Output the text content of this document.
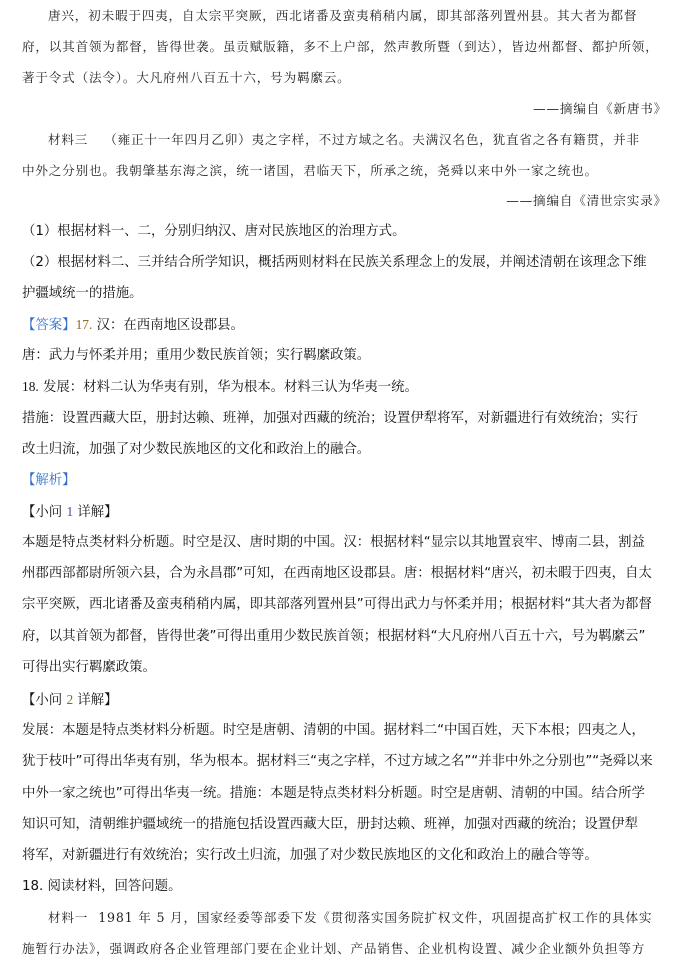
唐兴，初未暇于四夷，自太宗平突厥，西北诸番及蛮夷稍稍内属，即其部落列置州县。其大者为都督
府，以其首领为都督，皆得世袭。虽贡赋版籍，多不上户部，然声教所暨（到达），皆边州都督、都护所领，
著于令式（法令）。大凡府州八百五十六，号为羁縻云。
——摘编自《新唐书》
材料三 （雍正十一年四月乙卯）夷之字样，不过方域之名。夫满汉名色，犹直省之各有籍贯，并非
中外之分别也。我朝肇基东海之滨，统一诸国，君临天下，所承之统，尧舜以来中外一家之统也。
——摘编自《清世宗实录》
（1）根据材料一、二，分别归纳汉、唐对民族地区的治理方式。
（2）根据材料二、三并结合所学知识，概括两则材料在民族关系理念上的发展，并阐述清朝在该理念下维
护疆域统一的措施。
【答案】17. 汉：在西南地区设郡县。
唐：武力与怀柔并用；重用少数民族首领；实行羁縻政策。
18. 发展：材料二认为华夷有别，华为根本。材料三认为华夷一统。
措施：设置西藏大臣，册封达赖、班禅，加强对西藏的统治；设置伊犁将军，对新疆进行有效统治；实行
改土归流，加强了对少数民族地区的文化和政治上的融合。
【解析】
【小问 1 详解】
本题是特点类材料分析题。时空是汉、唐时期的中国。汉：根据材料“显宗以其地置哀牢、博南二县，割益
州郡西部都尉所领六县，合为永昌郡”可知，在西南地区设郡县。唐：根据材料“唐兴，初未暇于四夷，自太
宗平突厥，西北诸番及蛮夷稍稍内属，即其部落列置州县”可得出武力与怀柔并用；根据材料“其大者为都督
府，以其首领为都督，皆得世袭”可得出重用少数民族首领；根据材料“大凡府州八百五十六，号为羁縻云”
可得出实行羁縻政策。
【小问 2 详解】
发展：本题是特点类材料分析题。时空是唐朝、清朝的中国。据材料二“中国百姓，天下本根；四夷之人，
犹于枝叶”可得出华夷有别，华为根本。据材料三“夷之字样，不过方域之名”“并非中外之分别也”“尧舜以来
中外一家之统也”可得出华夷一统。措施：本题是特点类材料分析题。时空是唐朝、清朝的中国。结合所学
知识可知，清朝维护疆域统一的措施包括设置西藏大臣，册封达赖、班禅，加强对西藏的统治；设置伊犁
将军，对新疆进行有效统治；实行改土归流，加强了对少数民族地区的文化和政治上的融合等等。
18. 阅读材料，回答问题。
材料一 1981 年 5 月，国家经委等部委下发《贯彻落实国务院扩权文件，巩固提高扩权工作的具体实
施暂行办法》，强调政府各企业管理部门要在企业计划、产品销售、企业机构设置、减少企业额外负担等方
